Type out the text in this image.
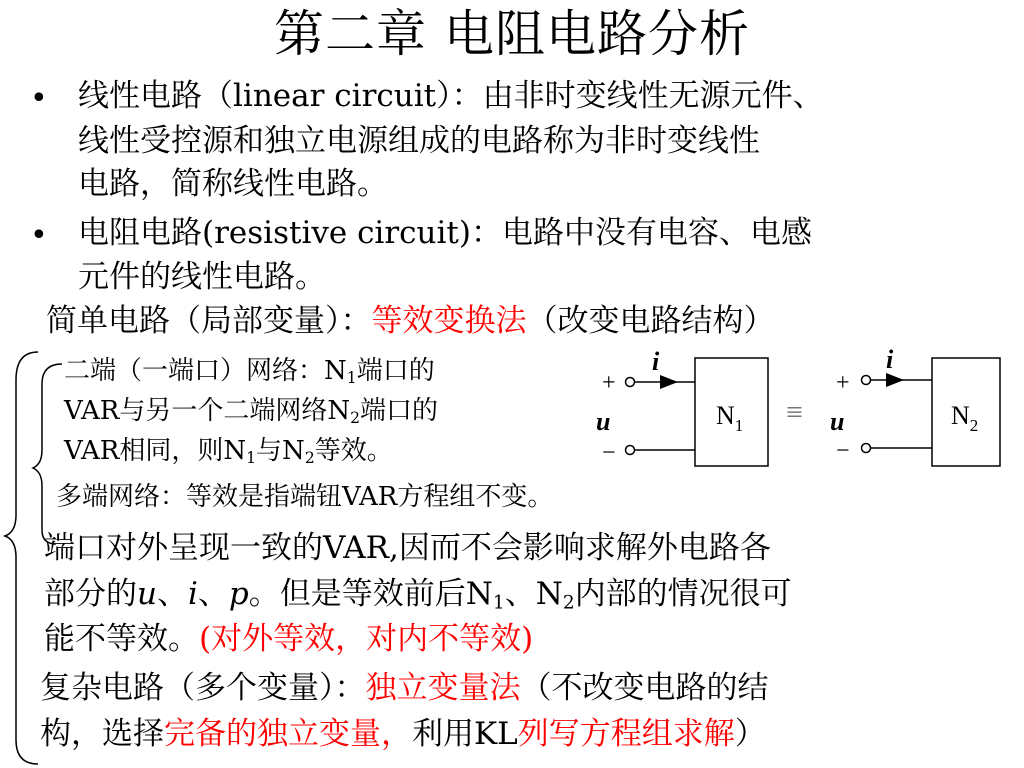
第二章 电阻电路分析
• 线性电路（linear circuit）：由非时变线性无源元件、
线性受控源和独立电源组成的电路称为非时变线性
电路，简称线性电路。
• 电阻电路(resistive circuit)：电路中没有电容、电感
元件的线性电路。
简单电路（局部变量）：等效变换法（改变电路结构）
二端（一端口）网络：$N_1$端口的
VAR与另一个二端网络$N_2$端口的
VAR相同，则$N_1$与$N_2$等效。
多端网络：等效是指端钮VAR方程组不变。
+
i
u
−
$N_1$ ≡
+
i
u
−
$N_2$
端口对外呈现一致的VAR,因而不会影响求解外电路各
部分的u、i、p。但是等效前后$N_1$、$N_2$内部的情况很可
能不等效。(对外等效，对内不等效)
复杂电路（多个变量）：独立变量法（不改变电路的结
构，选择完备的独立变量，利用KL列写方程组求解）
